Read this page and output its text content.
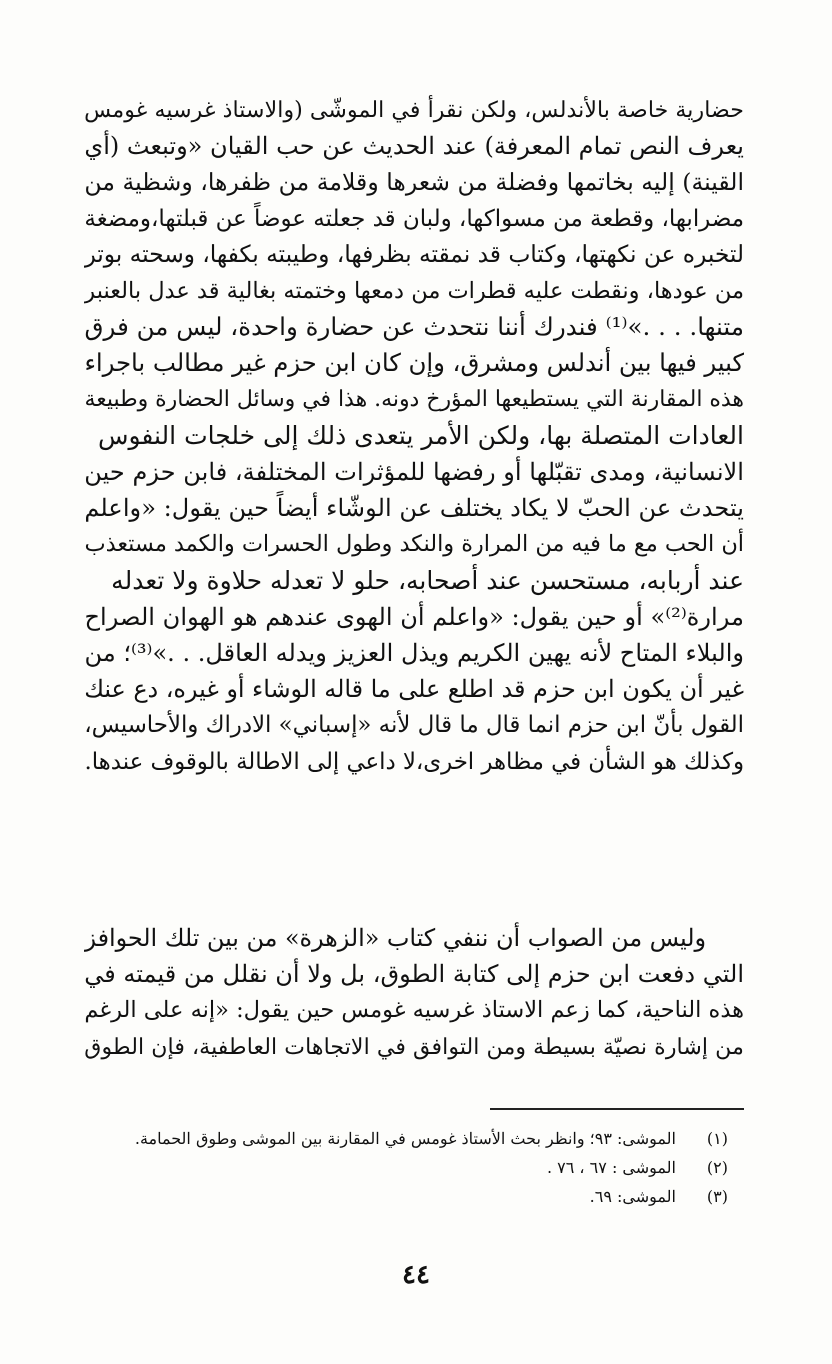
حضارية خاصة بالأندلس، ولكن نقرأ في الموشّى (والاستاذ غرسيه غومس
يعرف النص تمام المعرفة) عند الحديث عن حب القيان «وتبعث (أي
القينة) إليه بخاتمها وفضلة من شعرها وقلامة من ظفرها، وشظية من
مضرابها، وقطعة من مسواكها، ولبان قد جعلته عوضاً عن قبلتها،ومضغة
لتخبره عن نكهتها، وكتاب قد نمقته بظرفها، وطيبته بكفها، وسحته بوتر
من عودها، ونقطت عليه قطرات من دمعها وختمته بغالية قد عدل بالعنبر
متنها. . . .»⁽¹⁾ فندرك أننا نتحدث عن حضارة واحدة، ليس من فرق
كبير فيها بين أندلس ومشرق، وإن كان ابن حزم غير مطالب باجراء
هذه المقارنة التي يستطيعها المؤرخ دونه. هذا في وسائل الحضارة وطبيعة
العادات المتصلة بها، ولكن الأمر يتعدى ذلك إلى خلجات النفوس
الانسانية، ومدى تقبّلها أو رفضها للمؤثرات المختلفة، فابن حزم حين
يتحدث عن الحبّ لا يكاد يختلف عن الوشّاء أيضاً حين يقول: «واعلم
أن الحب مع ما فيه من المرارة والنكد وطول الحسرات والكمد مستعذب
عند أربابه، مستحسن عند أصحابه، حلو لا تعدله حلاوة ولا تعدله
مرارة⁽²⁾» أو حين يقول: «واعلم أن الهوى عندهم هو الهوان الصراح
والبلاء المتاح لأنه يهين الكريم ويذل العزيز ويدله العاقل. . .»⁽³⁾؛ من
غير أن يكون ابن حزم قد اطلع على ما قاله الوشاء أو غيره، دع عنك
القول بأنّ ابن حزم انما قال ما قال لأنه «إسباني» الادراك والأحاسيس،
وكذلك هو الشأن في مظاهر اخرى،لا داعي إلى الاطالة بالوقوف عندها.
وليس من الصواب أن ننفي كتاب «الزهرة» من بين تلك الحوافز
التي دفعت ابن حزم إلى كتابة الطوق، بل ولا أن نقلل من قيمته في
هذه الناحية، كما زعم الاستاذ غرسيه غومس حين يقول: «إنه على الرغم
من إشارة نصيّة بسيطة ومن التوافق في الاتجاهات العاطفية، فإن الطوق
(١)
الموشى: ٩٣؛ وانظر بحث الأستاذ غومس في المقارنة بين الموشى وطوق الحمامة.
(٢)
الموشى : ٦٧ ، ٧٦ .
(٣)
الموشى: ٦٩.
٤٤
